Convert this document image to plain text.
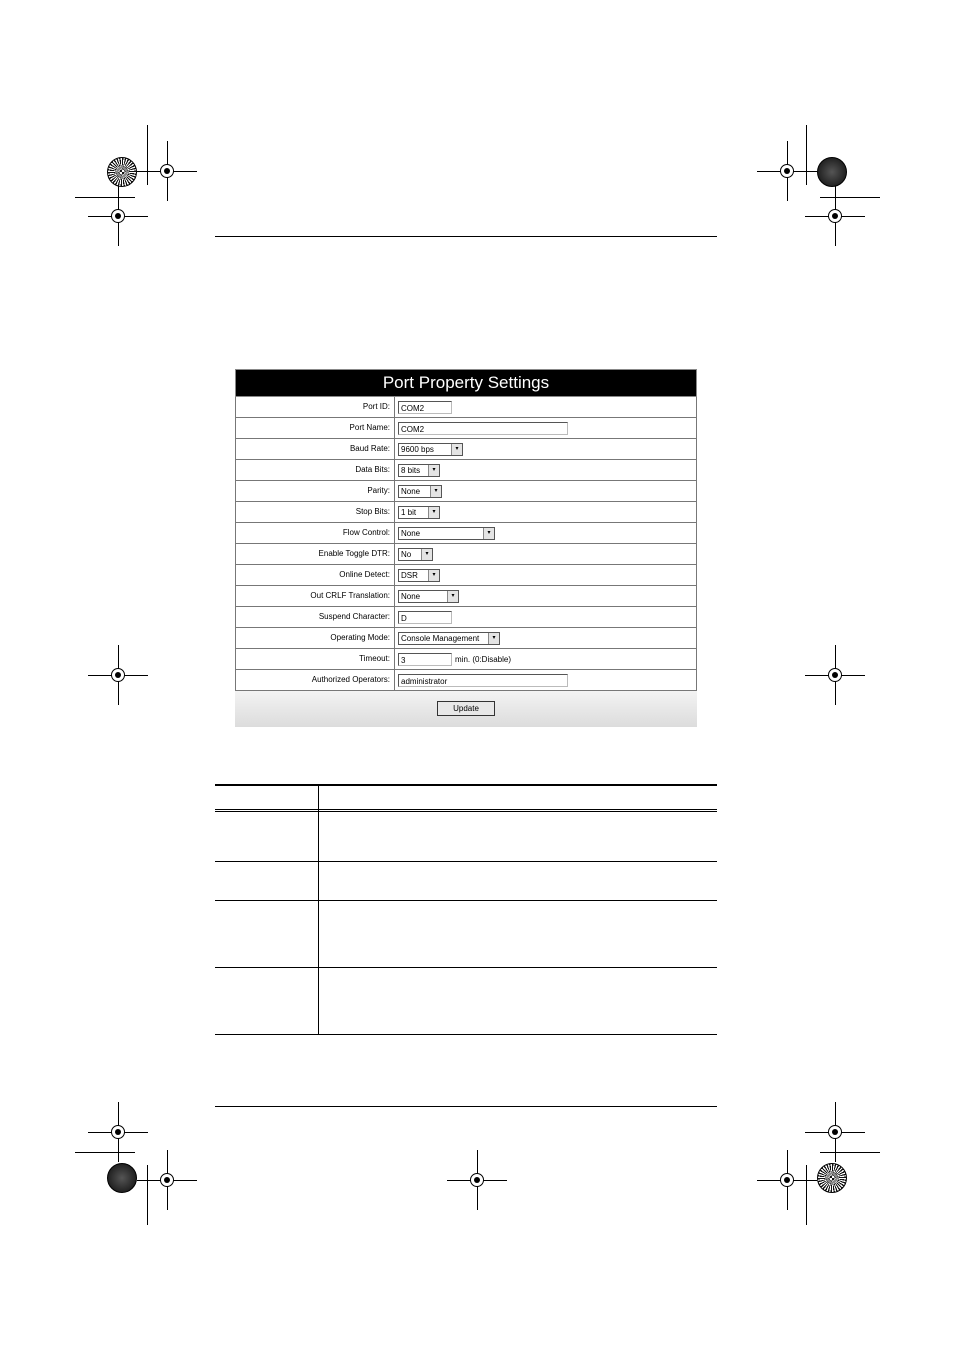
Port Property Settings
Port ID:	COM2
Port Name:	COM2
Baud Rate:	9600 bps	▾
Data Bits:	8 bits	▾
Parity:	None	▾
Stop Bits:	1 bit	▾
Flow Control:	None	▾
Enable Toggle DTR:	No	▾
Online Detect:	DSR	▾
Out CRLF Translation:	None	▾
Suspend Character:	D
Operating Mode:	Console Management	▾
Timeout:	3	min. (0:Disable)
Authorized Operators:	administrator
Update
